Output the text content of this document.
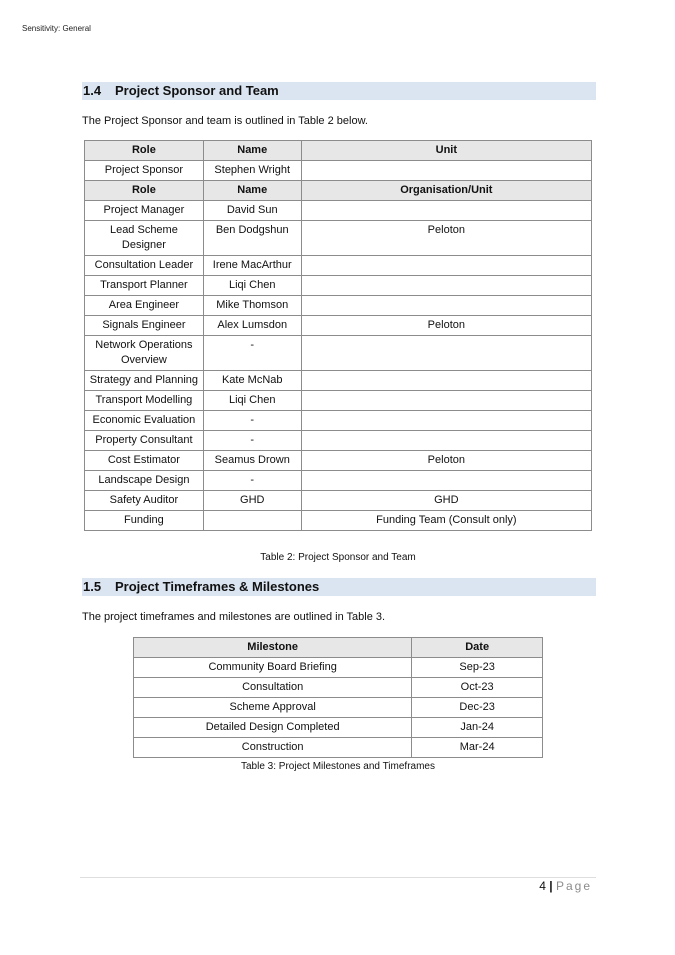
Sensitivity: General
1.4 Project Sponsor and Team
The Project Sponsor and team is outlined in Table 2 below.
Role	Name	Unit
Project Sponsor	Stephen Wright	
Role	Name	Organisation/Unit
Project Manager	David Sun	
Lead Scheme Designer	Ben Dodgshun	Peloton
Consultation Leader	Irene MacArthur	
Transport Planner	Liqi Chen	
Area Engineer	Mike Thomson	
Signals Engineer	Alex Lumsdon	Peloton
Network Operations Overview	-	
Strategy and Planning	Kate McNab	
Transport Modelling	Liqi Chen	
Economic Evaluation	-	
Property Consultant	-	
Cost Estimator	Seamus Drown	Peloton
Landscape Design	-	
Safety Auditor	GHD	GHD
Funding		Funding Team (Consult only)
Table 2: Project Sponsor and Team
1.5 Project Timeframes & Milestones
The project timeframes and milestones are outlined in Table 3.
Milestone	Date
Community Board Briefing	Sep-23
Consultation	Oct-23
Scheme Approval	Dec-23
Detailed Design Completed	Jan-24
Construction	Mar-24
Table 3: Project Milestones and Timeframes
4 | Page
